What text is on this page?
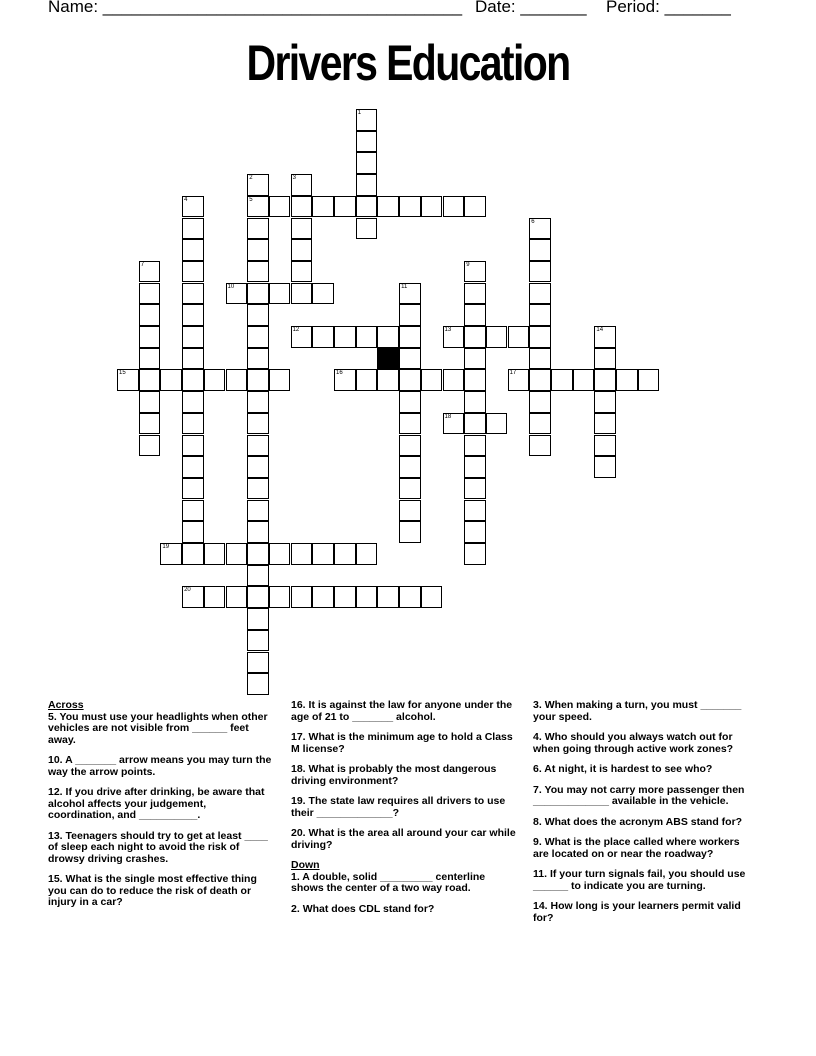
Name: ______________________________________ Date: _______ Period: _______
Drivers Education
1
2
5
3
4
6
7	9
10	11
12	13	14
15	16	17
18
19
20
Across
5. You must use your headlights when other vehicles are not visible from ______ feet away.
10. A _______ arrow means you may turn the way the arrow points.
12. If you drive after drinking, be aware that alcohol affects your judgement, coordination, and __________.
13. Teenagers should try to get at least ____ of sleep each night to avoid the risk of drowsy driving crashes.
15. What is the single most effective thing you can do to reduce the risk of death or injury in a car?
16. It is against the law for anyone under the age of 21 to _______ alcohol.
17. What is the minimum age to hold a Class M license?
18. What is probably the most dangerous driving environment?
19. The state law requires all drivers to use their _____________?
20. What is the area all around your car while driving?
Down
1. A double, solid _________ centerline shows the center of a two way road.
2. What does CDL stand for?
3. When making a turn, you must _______ your speed.
4. Who should you always watch out for when going through active work zones?
6. At night, it is hardest to see who?
7. You may not carry more passenger then _____________ available in the vehicle.
8. What does the acronym ABS stand for?
9. What is the place called where workers are located on or near the roadway?
11. If your turn signals fail, you should use ______ to indicate you are turning.
14. How long is your learners permit valid for?
